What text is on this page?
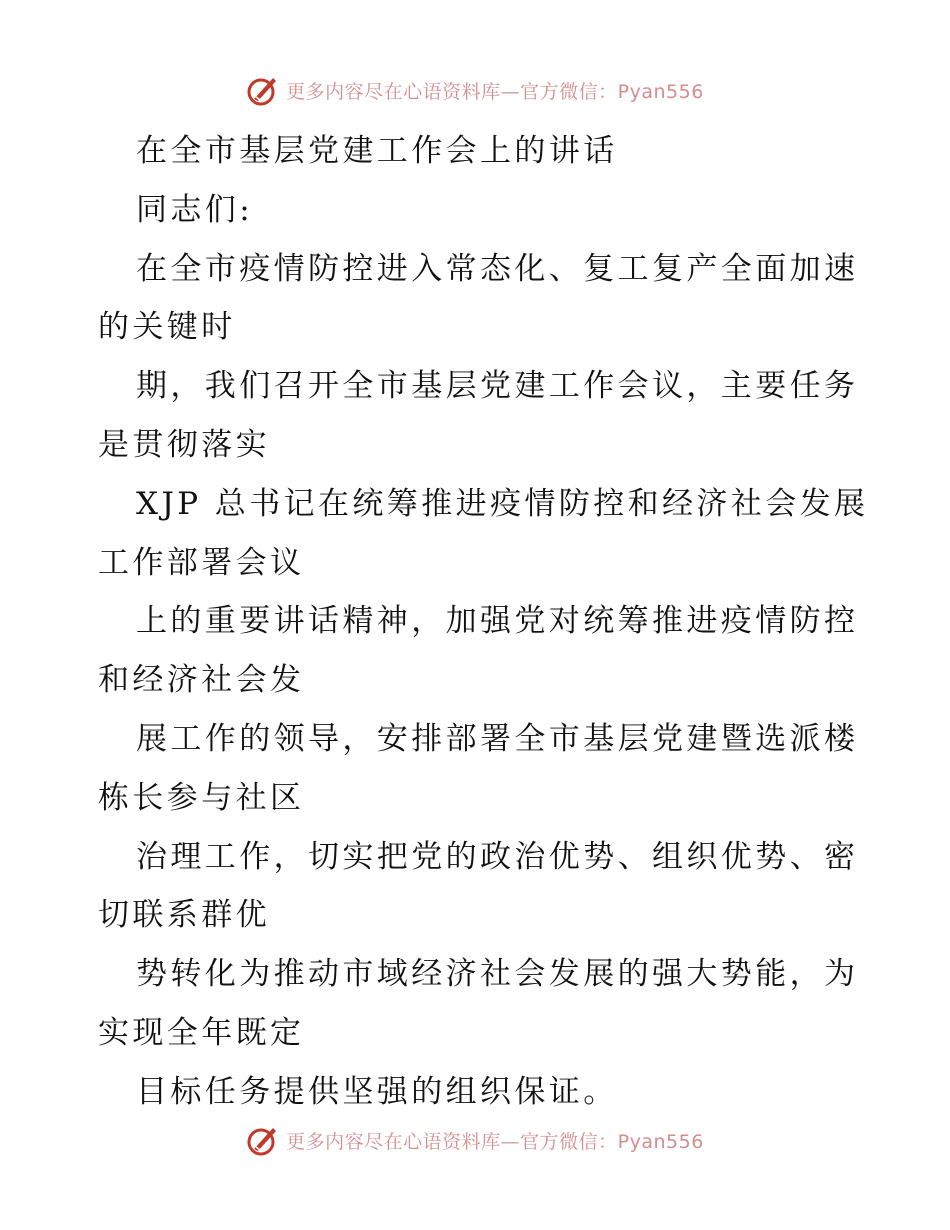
更多内容尽在心语资料库—官方微信：Pyan556
在全市基层党建工作会上的讲话
同志们:
在全市疫情防控进入常态化、复工复产全面加速
的关键时
期，我们召开全市基层党建工作会议，主要任务
是贯彻落实
XJP 总书记在统筹推进疫情防控和经济社会发展
工作部署会议
上的重要讲话精神，加强党对统筹推进疫情防控
和经济社会发
展工作的领导，安排部署全市基层党建暨选派楼
栋长参与社区
治理工作，切实把党的政治优势、组织优势、密
切联系群优
势转化为推动市域经济社会发展的强大势能，为
实现全年既定
目标任务提供坚强的组织保证。
更多内容尽在心语资料库—官方微信：Pyan556
